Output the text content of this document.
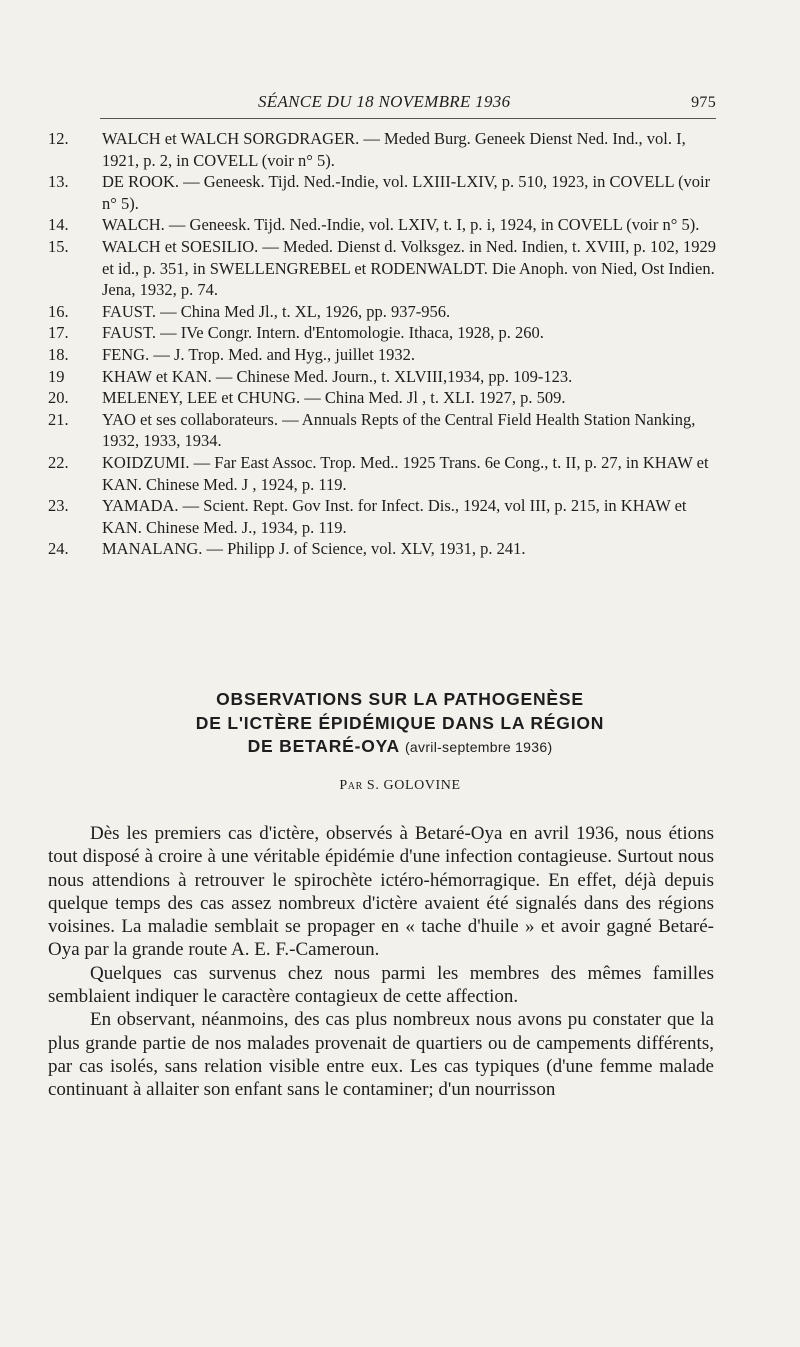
SÉANCE DU 18 NOVEMBRE 1936	975
12.	WALCH et WALCH SORGDRAGER. — Meded Burg. Geneek Dienst Ned. Ind., vol. I, 1921, p. 2, in COVELL (voir n° 5).
13.	DE ROOK. — Geneesk. Tijd. Ned.-Indie, vol. LXIII-LXIV, p. 510, 1923, in COVELL (voir n° 5).
14.	WALCH. — Geneesk. Tijd. Ned.-Indie, vol. LXIV, t. I, p. i, 1924, in COVELL (voir n° 5).
15.	WALCH et SOESILIO. — Meded. Dienst d. Volksgez. in Ned. Indien, t. XVIII, p. 102, 1929 et id., p. 351, in SWELLENGREBEL et RODENWALDT. Die Anoph. von Nied, Ost Indien. Jena, 1932, p. 74.
16.	FAUST. — China Med Jl., t. XL, 1926, pp. 937-956.
17.	FAUST. — IVe Congr. Intern. d'Entomologie. Ithaca, 1928, p. 260.
18.	FENG. — J. Trop. Med. and Hyg., juillet 1932.
19	KHAW et KAN. — Chinese Med. Journ., t. XLVIII,1934, pp. 109-123.
20.	MELENEY, LEE et CHUNG. — China Med. Jl , t. XLI. 1927, p. 509.
21.	YAO et ses collaborateurs. — Annuals Repts of the Central Field Health Station Nanking, 1932, 1933, 1934.
22.	KOIDZUMI. — Far East Assoc. Trop. Med.. 1925 Trans. 6e Cong., t. II, p. 27, in KHAW et KAN. Chinese Med. J , 1924, p. 119.
23.	YAMADA. — Scient. Rept. Gov Inst. for Infect. Dis., 1924, vol III, p. 215, in KHAW et KAN. Chinese Med. J., 1934, p. 119.
24.	MANALANG. — Philipp J. of Science, vol. XLV, 1931, p. 241.
OBSERVATIONS SUR LA PATHOGENÈSE
DE L'ICTÈRE ÉPIDÉMIQUE DANS LA RÉGION
DE BETARÉ-OYA (avril-septembre 1936)
Par S. GOLOVINE

Dès les premiers cas d'ictère, observés à Betaré-Oya en avril 1936, nous étions tout disposé à croire à une véritable épidémie d'une infection contagieuse. Surtout nous nous attendions à retrouver le spirochète ictéro-hémorragique. En effet, déjà depuis quelque temps des cas assez nombreux d'ictère avaient été signalés dans des régions voisines. La maladie semblait se propager en « tache d'huile » et avoir gagné Betaré-Oya par la grande route A. E. F.-Cameroun.

Quelques cas survenus chez nous parmi les membres des mêmes familles semblaient indiquer le caractère contagieux de cette affection.

En observant, néanmoins, des cas plus nombreux nous avons pu constater que la plus grande partie de nos malades provenait de quartiers ou de campements différents, par cas isolés, sans relation visible entre eux. Les cas typiques (d'une femme malade continuant à allaiter son enfant sans le contaminer; d'un nourrisson
